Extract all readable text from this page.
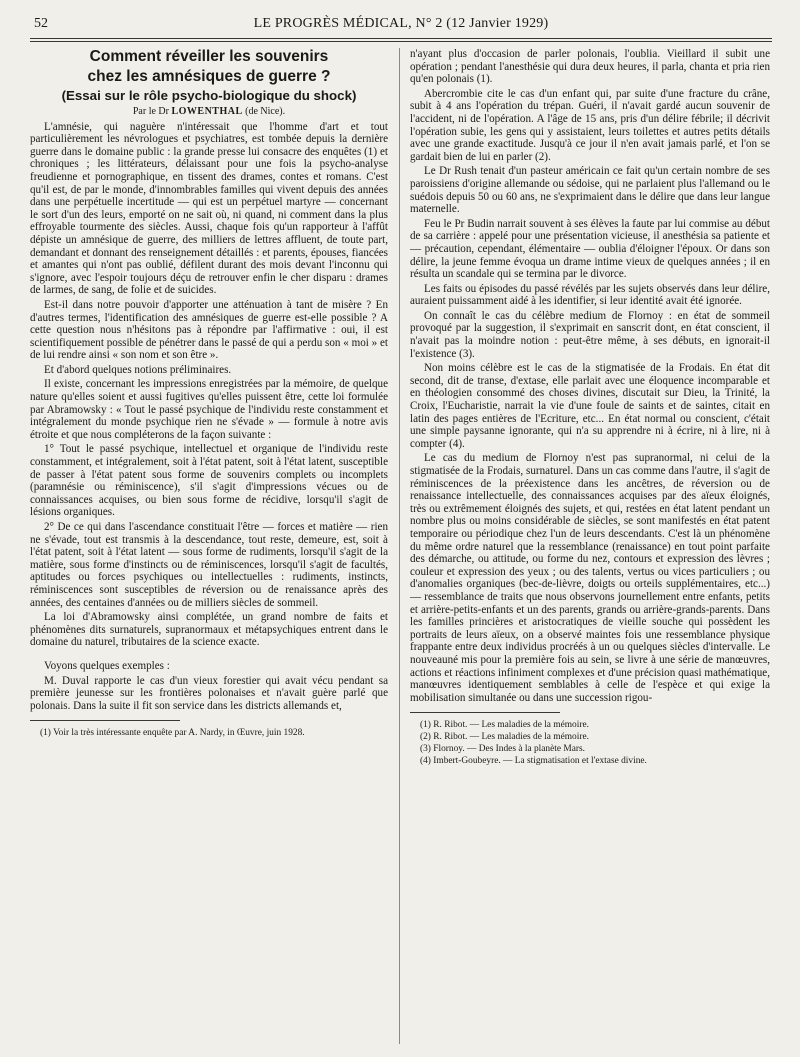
52	LE PROGRÈS MÉDICAL, N° 2 (12 Janvier 1929)

Comment réveiller les souvenirs

chez les amnésiques de guerre ?

(Essai sur le rôle psycho-biologique du shock)

Par le Dr LOWENTHAL (de Nice).

L'amnésie, qui naguère n'intéressait que l'homme d'art et tout particulièrement les névrologues et psychiatres, est tombée depuis la dernière guerre dans le domaine public : la grande presse lui consacre des enquêtes (1) et chroniques ; les littérateurs, délaissant pour une fois la psycho-analyse freudienne et pornographique, en tissent des drames, contes et romans. C'est qu'il est, de par le monde, d'innombrables familles qui vivent depuis des années dans une perpétuelle incertitude — qui est un perpétuel martyre — concernant le sort d'un des leurs, emporté on ne sait où, ni quand, ni comment dans la plus effroyable tourmente des siècles. Aussi, chaque fois qu'un rapporteur à l'affût dépiste un amnésique de guerre, des milliers de lettres affluent, de toute part, demandant et donnant des renseignement détaillés : et parents, épouses, fiancées et amantes qui n'ont pas oublié, défilent durant des mois devant l'inconnu qui s'ignore, avec l'espoir toujours déçu de retrouver enfin le cher disparu : drames de larmes, de sang, de folie et de suicides.

Est-il dans notre pouvoir d'apporter une atténuation à tant de misère ? En d'autres termes, l'identification des amnésiques de guerre est-elle possible ? A cette question nous n'hésitons pas à répondre par l'affirmative : oui, il est scientifiquement possible de pénétrer dans le passé de qui a perdu son « moi » et de lui rendre ainsi « son nom et son être ».

Et d'abord quelques notions préliminaires.

Il existe, concernant les impressions enregistrées par la mémoire, de quelque nature qu'elles soient et aussi fugitives qu'elles puissent être, cette loi formulée par Abramowsky : « Tout le passé psychique de l'individu reste constamment et intégralement du monde psychique rien ne s'évade » — formule à notre avis étroite et que nous compléterons de la façon suivante :

1° Tout le passé psychique, intellectuel et organique de l'individu reste constamment, et intégralement, soit à l'état patent, soit à l'état latent, susceptible de passer à l'état patent sous forme de souvenirs complets ou incomplets (paramnésie ou réminiscence), s'il s'agit d'impressions vécues ou de connaissances acquises, ou bien sous forme de récidive, lorsqu'il s'agit de lésions organiques.

2° De ce qui dans l'ascendance constituait l'être — forces et matière — rien ne s'évade, tout est transmis à la descendance, tout reste, demeure, est, soit à l'état patent, soit à l'état latent — sous forme de rudiments, lorsqu'il s'agit de la matière, sous forme d'instincts ou de réminiscences, lorsqu'il s'agit de facultés, aptitudes ou forces psychiques ou intellectuelles : rudiments, instincts, réminiscences sont susceptibles de réversion ou de renaissance après des années, des centaines d'années ou de milliers siècles de sommeil.

La loi d'Abramowsky ainsi complétée, un grand nombre de faits et phénomènes dits surnaturels, supranormaux et métapsychiques entrent dans le domaine du naturel, tributaires de la science exacte.

Voyons quelques exemples :

M. Duval rapporte le cas d'un vieux forestier qui avait vécu pendant sa première jeunesse sur les frontières polonaises et n'avait guère parlé que polonais. Dans la suite il fit son service dans les districts allemands et,

(1) Voir la très intéressante enquête par A. Nardy, in Œuvre, juin 1928.

n'ayant plus d'occasion de parler polonais, l'oublia. Vieillard il subit une opération ; pendant l'anesthésie qui dura deux heures, il parla, chanta et pria rien qu'en polonais (1).

Abercrombie cite le cas d'un enfant qui, par suite d'une fracture du crâne, subit à 4 ans l'opération du trépan. Guéri, il n'avait gardé aucun souvenir de l'accident, ni de l'opération. A l'âge de 15 ans, pris d'un délire fébrile; il décrivit l'opération subie, les gens qui y assistaient, leurs toilettes et autres petits détails avec une grande exactitude. Jusqu'à ce jour il n'en avait jamais parlé, et l'on se gardait bien de lui en parler (2).

Le Dr Rush tenait d'un pasteur américain ce fait qu'un certain nombre de ses paroissiens d'origine allemande ou sédoise, qui ne parlaient plus l'allemand ou le suédois depuis 50 ou 60 ans, ne s'exprimaient dans le délire que dans leur langue maternelle.

Feu le Pr Budin narrait souvent à ses élèves la faute par lui commise au début de sa carrière : appelé pour une présentation vicieuse, il anesthésia sa patiente et — précaution, cependant, élémentaire — oublia d'éloigner l'époux. Or dans son délire, la jeune femme évoqua un drame intime vieux de quelques années ; il en résulta un scandale qui se termina par le divorce.

Les faits ou épisodes du passé révélés par les sujets observés dans leur délire, auraient puissamment aidé à les identifier, si leur identité avait été ignorée.

On connaît le cas du célèbre medium de Flornoy : en état de sommeil provoqué par la suggestion, il s'exprimait en sanscrit dont, en état conscient, il n'avait pas la moindre notion : peut-être même, à ses débuts, en ignorait-il l'existence (3).

Non moins célèbre est le cas de la stigmatisée de la Frodais. En état dit second, dit de transe, d'extase, elle parlait avec une éloquence incomparable et en théologien consommé des choses divines, discutait sur Dieu, la Trinité, la Croix, l'Eucharistie, narrait la vie d'une foule de saints et de saintes, citait en latin des pages entières de l'Ecriture, etc... En état normal ou conscient, c'était une simple paysanne ignorante, qui n'a su apprendre ni à écrire, ni à lire, ni à compter (4).

Le cas du medium de Flornoy n'est pas supranormal, ni celui de la stigmatisée de la Frodais, surnaturel. Dans un cas comme dans l'autre, il s'agit de réminiscences de la préexistence dans les ancêtres, de réversion ou de renaissance intellectuelle, des connaissances acquises par des aïeux éloignés, très ou extrêmement éloignés des sujets, et qui, restées en état latent pendant un nombre plus ou moins considérable de siècles, se sont manifestés en état patent temporaire ou périodique chez l'un de leurs descendants. C'est là un phénomène du même ordre naturel que la ressemblance (renaissance) en tout point parfaite des démarche, ou attitude, ou forme du nez, contours et expression des lèvres ; couleur et expression des yeux ; ou des talents, vertus ou vices particuliers ; ou d'anomalies organiques (bec-de-lièvre, doigts ou orteils supplémentaires, etc...) — ressemblance de traits que nous observons journellement entre enfants, petits et arrière-petits-enfants et un des parents, grands ou arrière-grands-parents. Dans les familles princières et aristocratiques de vieille souche qui possèdent les portraits de leurs aïeux, on a observé maintes fois une ressemblance physique frappante entre deux individus procréés à un ou quelques siècles d'intervalle. Le nouveauné mis pour la première fois au sein, se livre à une série de manœuvres, actions et réactions infiniment complexes et d'une précision quasi mathématique, manœuvres identiquement semblables à celle de l'espèce et qui exige la mobilisation simultanée ou dans une succession rigou-

(1) R. Ribot. — Les maladies de la mémoire.

(2) R. Ribot. — Les maladies de la mémoire.

(3) Flornoy. — Des Indes à la planète Mars.

(4) Imbert-Goubeyre. — La stigmatisation et l'extase divine.
